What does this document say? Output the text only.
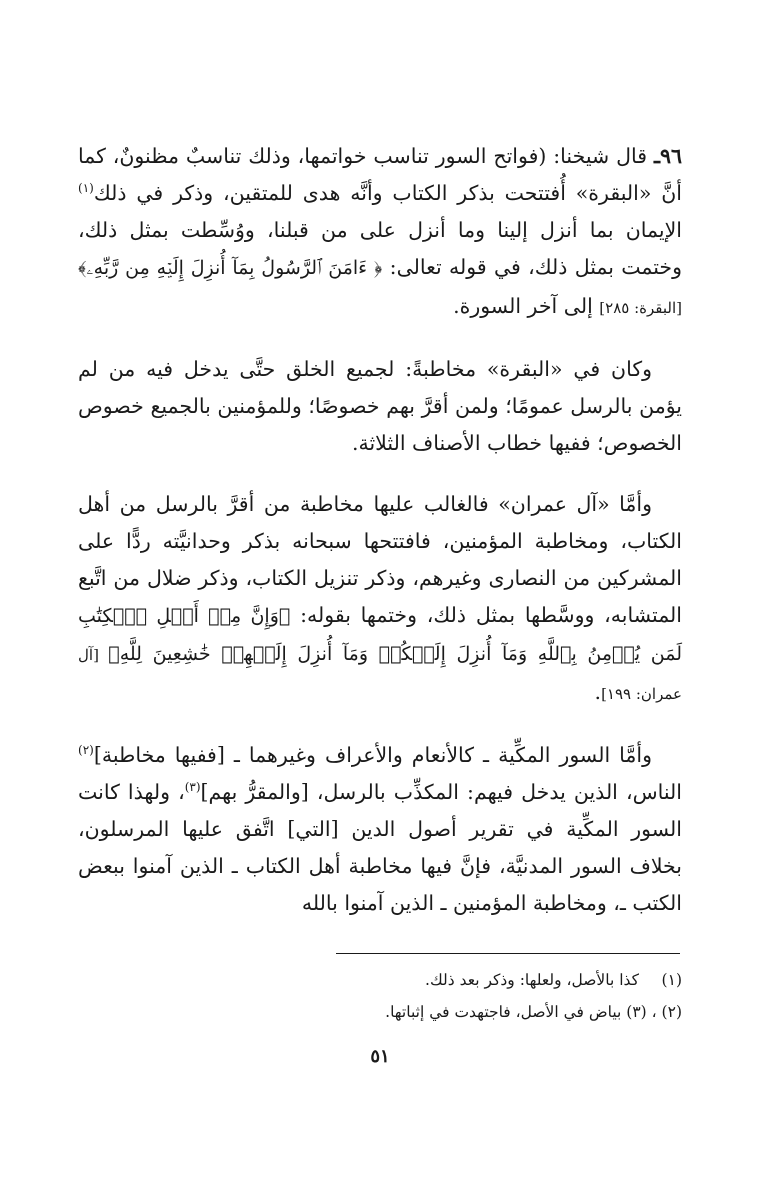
٩٦ـ قال شيخنا: (فواتح السور تناسب خواتمها، وذلك تناسبٌ مظنونٌ، كما أنَّ «البقرة» أُفتتحت بذكر الكتاب وأنَّه هدى للمتقين، وذكر في ذلك$^{(١)}$ الإيمان بما أنزل إلينا وما أنزل على من قبلنا، ووُسِّطت بمثل ذلك، وختمت بمثل ذلك، في قوله تعالى: ﴿ ءَامَنَ ٱلرَّسُولُ بِمَآ أُنزِلَ إِلَيۡهِ مِن رَّبِّهِۦ﴾ [البقرة: ٢٨٥] إلى آخر السورة.

وكان في «البقرة» مخاطبةً: لجميع الخلق حتَّى يدخل فيه من لم يؤمن بالرسل عمومًا؛ ولمن أقرَّ بهم خصوصًا؛ وللمؤمنين بالجميع خصوص الخصوص؛ ففيها خطاب الأصناف الثلاثة.

وأمَّا «آل عمران» فالغالب عليها مخاطبة من أقرَّ بالرسل من أهل الكتاب، ومخاطبة المؤمنين، فافتتحها سبحانه بذكر وحدانيَّته ردًّا على المشركين من النصارى وغيرهم، وذكر تنزيل الكتاب، وذكر ضلال من اتَّبع المتشابه، ووسَّطها بمثل ذلك، وختمها بقوله: ﴿وَإِنَّ مِنۡ أَهۡلِ ٱلۡكِتَٰبِ لَمَن يُؤۡمِنُ بِٱللَّهِ وَمَآ أُنزِلَ إِلَيۡكُمۡ وَمَآ أُنزِلَ إِلَيۡهِمۡ خَٰشِعِينَ لِلَّهِ﴾ [آل عمران: ١٩٩].

وأمَّا السور المكِّية ـ كالأنعام والأعراف وغيرهما ـ [ففيها مخاطبة]$^{(٢)}$ الناس، الذين يدخل فيهم: المكذِّب بالرسل، [والمقرُّ بهم]$^{(٣)}$، ولهذا كانت السور المكِّية في تقرير أصول الدين [التي] اتَّفق عليها المرسلون، بخلاف السور المدنيَّة، فإنَّ فيها مخاطبة أهل الكتاب ـ الذين آمنوا ببعض الكتب ـ، ومخاطبة المؤمنين ـ الذين آمنوا بالله

(١) كذا بالأصل، ولعلها: وذكر بعد ذلك.

(٢) ، (٣) بياض في الأصل، فاجتهدت في إثباتها.

٥١
